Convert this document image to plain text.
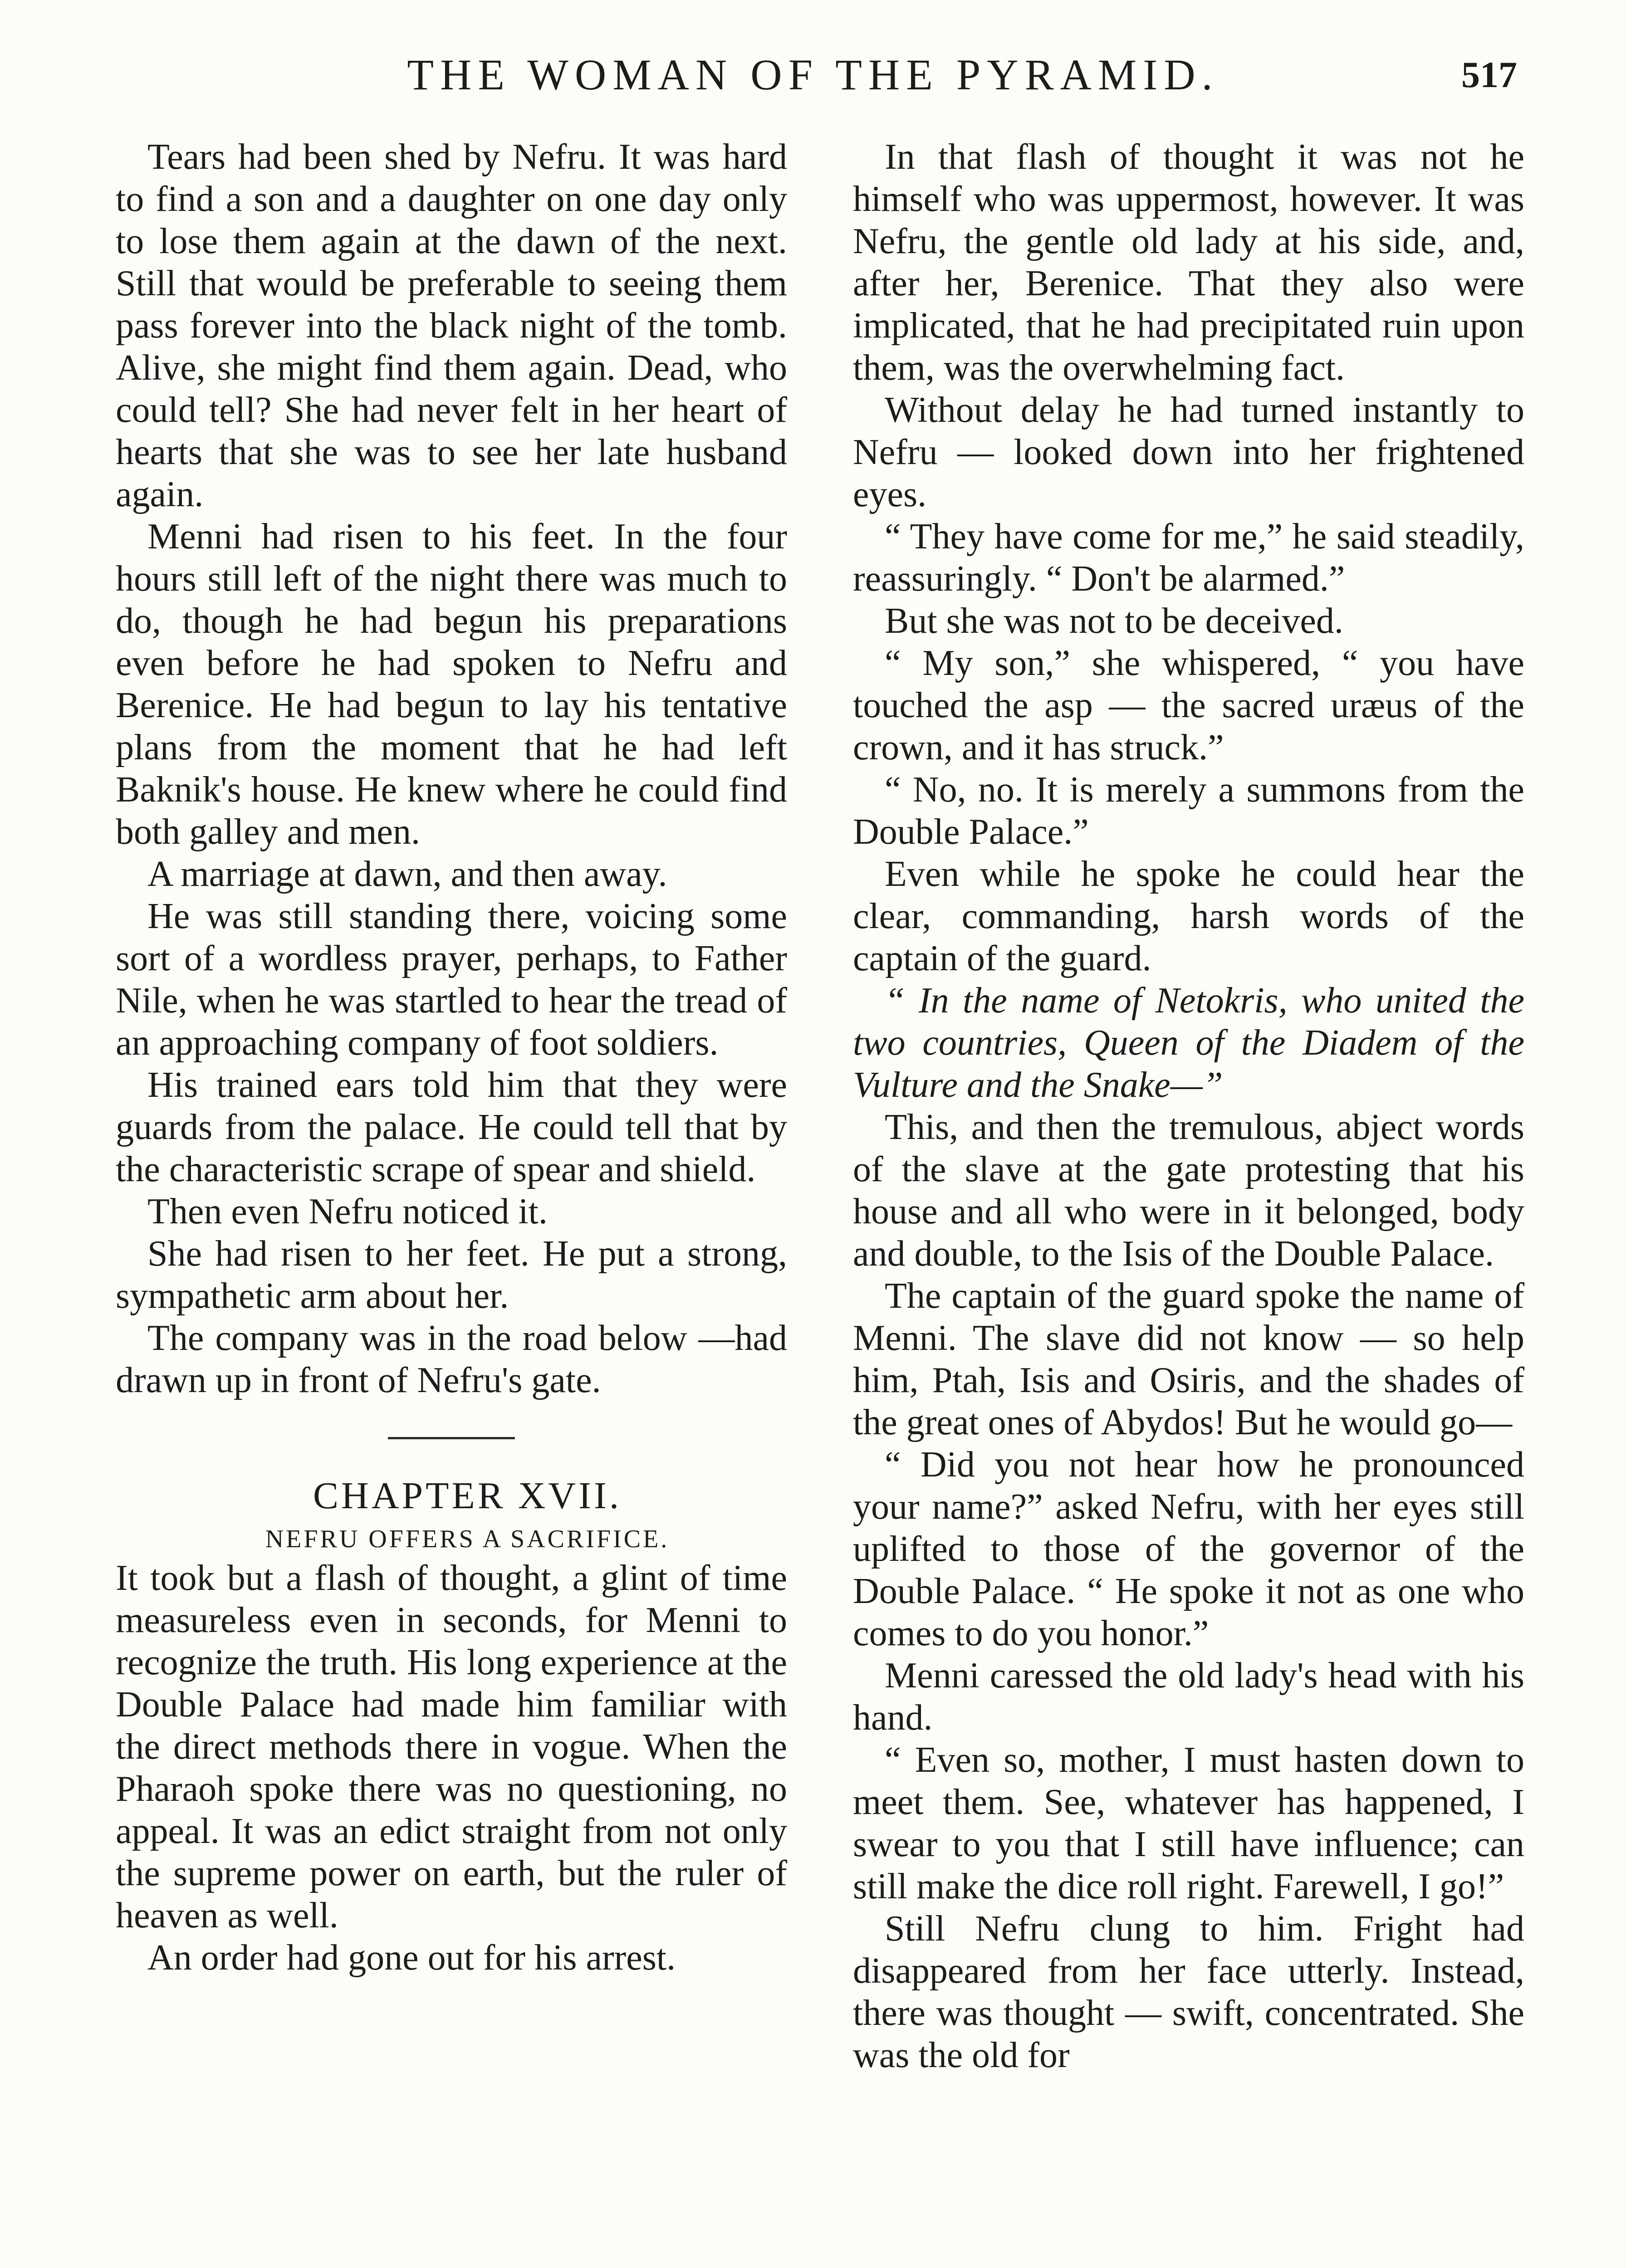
THE WOMAN OF THE PYRAMID.	517

Tears had been shed by Nefru. It was hard to find a son and a daughter on one day only to lose them again at the dawn of the next. Still that would be preferable to seeing them pass forever into the black night of the tomb. Alive, she might find them again. Dead, who could tell? She had never felt in her heart of hearts that she was to see her late husband again.

Menni had risen to his feet. In the four hours still left of the night there was much to do, though he had begun his preparations even before he had spoken to Nefru and Berenice. He had begun to lay his tentative plans from the moment that he had left Baknik's house. He knew where he could find both galley and men.

A marriage at dawn, and then away.

He was still standing there, voicing some sort of a wordless prayer, perhaps, to Father Nile, when he was startled to hear the tread of an approaching company of foot soldiers.

His trained ears told him that they were guards from the palace. He could tell that by the characteristic scrape of spear and shield.

Then even Nefru noticed it.

She had risen to her feet. He put a strong, sympathetic arm about her.

The company was in the road below —had drawn up in front of Nefru's gate.

CHAPTER XVII.

NEFRU OFFERS A SACRIFICE.

It took but a flash of thought, a glint of time measureless even in seconds, for Menni to recognize the truth. His long experience at the Double Palace had made him familiar with the direct methods there in vogue. When the Pharaoh spoke there was no questioning, no appeal. It was an edict straight from not only the supreme power on earth, but the ruler of heaven as well.

An order had gone out for his arrest.

In that flash of thought it was not he himself who was uppermost, however. It was Nefru, the gentle old lady at his side, and, after her, Berenice. That they also were implicated, that he had precipitated ruin upon them, was the overwhelming fact.

Without delay he had turned instantly to Nefru — looked down into her frightened eyes.

“ They have come for me,” he said steadily, reassuringly. “ Don't be alarmed.”

But she was not to be deceived.

“ My son,” she whispered, “ you have touched the asp — the sacred uræus of the crown, and it has struck.”

“ No, no. It is merely a summons from the Double Palace.”

Even while he spoke he could hear the clear, commanding, harsh words of the captain of the guard.

“ In the name of Netokris, who united the two countries, Queen of the Diadem of the Vulture and the Snake—”

This, and then the tremulous, abject words of the slave at the gate protesting that his house and all who were in it belonged, body and double, to the Isis of the Double Palace.

The captain of the guard spoke the name of Menni. The slave did not know — so help him, Ptah, Isis and Osiris, and the shades of the great ones of Abydos! But he would go—

“ Did you not hear how he pronounced your name?” asked Nefru, with her eyes still uplifted to those of the governor of the Double Palace. “ He spoke it not as one who comes to do you honor.”

Menni caressed the old lady's head with his hand.

“ Even so, mother, I must hasten down to meet them. See, whatever has happened, I swear to you that I still have influence; can still make the dice roll right. Farewell, I go!”

Still Nefru clung to him. Fright had disappeared from her face utterly. Instead, there was thought — swift, concentrated. She was the old for
